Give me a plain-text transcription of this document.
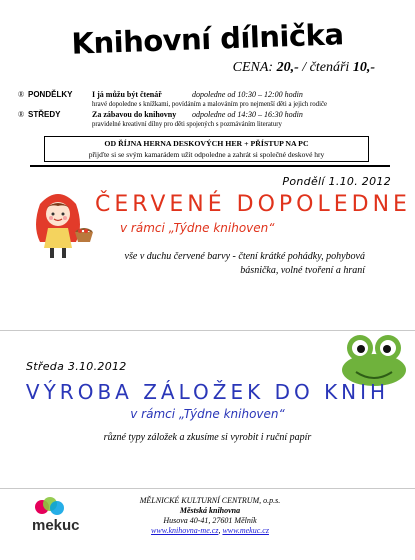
Knihovní dílnička
CENA: 20,- / čtenáři 10,-
® PONDĚLKY I já můžu být čtenář	dopoledne od 10:30 – 12:00 hodin
hravé dopoledne s knížkami, povídáním a malováním pro nejmenší děti a jejich rodiče
® STŘEDY	Za zábavou do knihovny odpoledne od 14:30 – 16:30 hodin
pravidelné kreativní dílny pro děti spojených s pozmáváním literatury
OD ŘÍJNA HERNA DESKOVÝCH HER + PŘÍSTUP NA PC
přijďte si se svým kamarádem užít odpoledne a zahrát si společné deskové hry
Pondělí 1.10. 2012
ČERVENÉ DOPOLEDNE
v rámci „Týdne knihoven“
vše v duchu červené barvy - čtení krátké pohádky, pohybová básnička, volné tvoření a hraní
Středa 3.10.2012
VÝROBA ZÁLOŽEK DO KNIH
v rámci „Týdne knihoven“
různé typy záložek a zkusíme si vyrobit i ruční papír
mekuc
MĚLNICKÉ KULTURNÍ CENTRUM, o.p.s.
Městská knihovna
Husova 40-41, 27601 Mělník
www.knihovna-me.cz, www.mekuc.cz
